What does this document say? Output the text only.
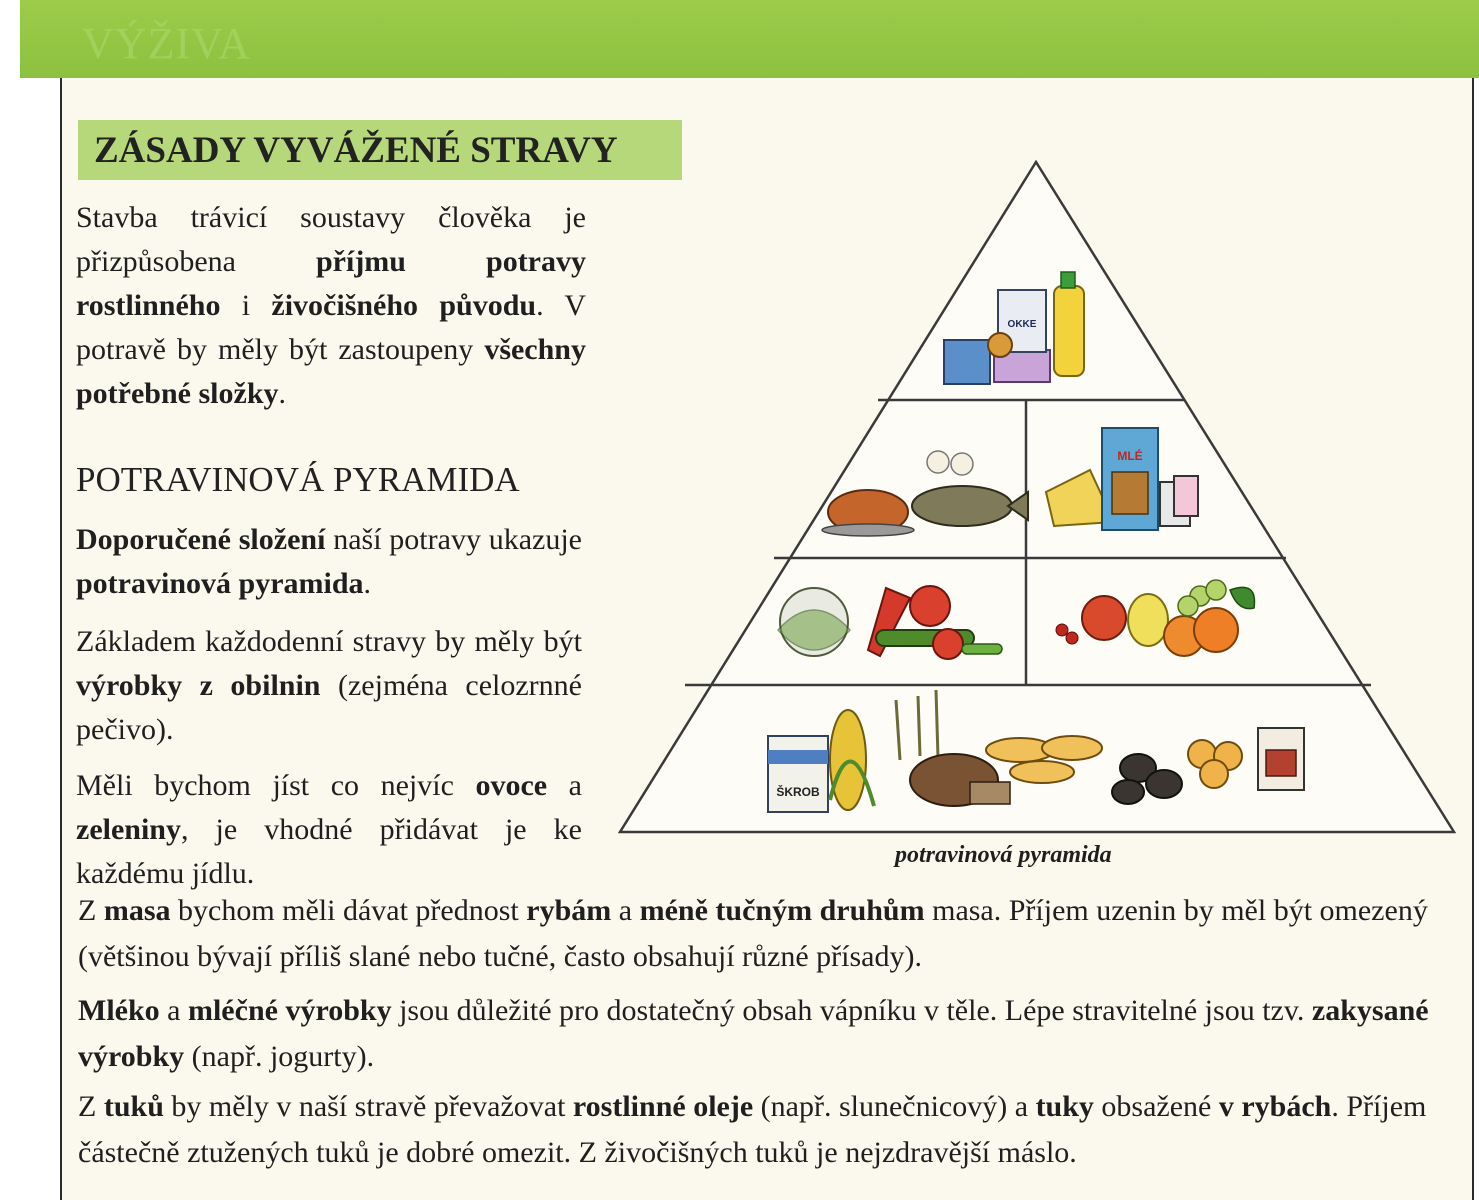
VÝŽIVA
ZÁSADY VYVÁŽENÉ STRAVY
Stavba trávicí soustavy člověka je přizpůsobena příjmu potravy rostlinného i živočišného původu. V potravě by měly být zastoupeny všechny potřebné složky.
POTRAVINOVÁ PYRAMIDA
Doporučené složení naší potravy ukazuje potravinová pyramida.
Základem každodenní stravy by měly být výrobky z obilnin (zejména celozrnné pečivo).
Měli bychom jíst co nejvíc ovoce a zeleniny, je vhodné přidávat je ke každému jídlu.
OKKE
MLÉ
ŠKROB
potravinová pyramida
Z masa bychom měli dávat přednost rybám a méně tučným druhům masa. Příjem uzenin by měl být omezený (většinou bývají příliš slané nebo tučné, často obsahují různé přísady).
Mléko a mléčné výrobky jsou důležité pro dostatečný obsah vápníku v těle. Lépe stravitelné jsou tzv. zakysané výrobky (např. jogurty).
Z tuků by měly v naší stravě převažovat rostlinné oleje (např. slunečnicový) a tuky obsažené v rybách. Příjem částečně ztužených tuků je dobré omezit. Z živočišných tuků je nejzdravější máslo.
